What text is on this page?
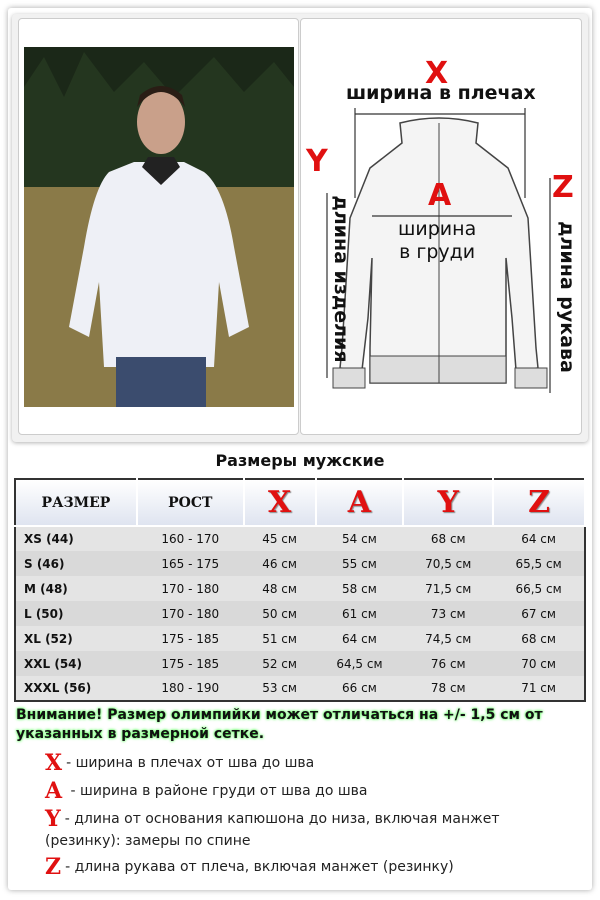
X
ширина в плечах
A
ширина
в груди
Y
длина изделия
Z
длина рукава
Размеры мужские
РАЗМЕР	РОСТ	X	A	Y	Z
XS (44)	160 - 170	45 см	54 см	68 см	64 см
S (46)	165 - 175	46 см	55 см	70,5 см	65,5 см
M (48)	170 - 180	48 см	58 см	71,5 см	66,5 см
L (50)	170 - 180	50 см	61 см	73 см	67 см
XL (52)	175 - 185	51 см	64 см	74,5 см	68 см
XXL (54)	175 - 185	52 см	64,5 см	76 см	70 см
XXXL (56)	180 - 190	53 см	66 см	78 см	71 см
Внимание! Размер олимпийки может отличаться на +/- 1,5 см от указанных в размерной сетке.
X - ширина в плечах от шва до шва
A - ширина в районе груди от шва до шва
Y - длина от основания капюшона до низа, включая манжет (резинку): замеры по спине
Z - длина рукава от плеча, включая манжет (резинку)
